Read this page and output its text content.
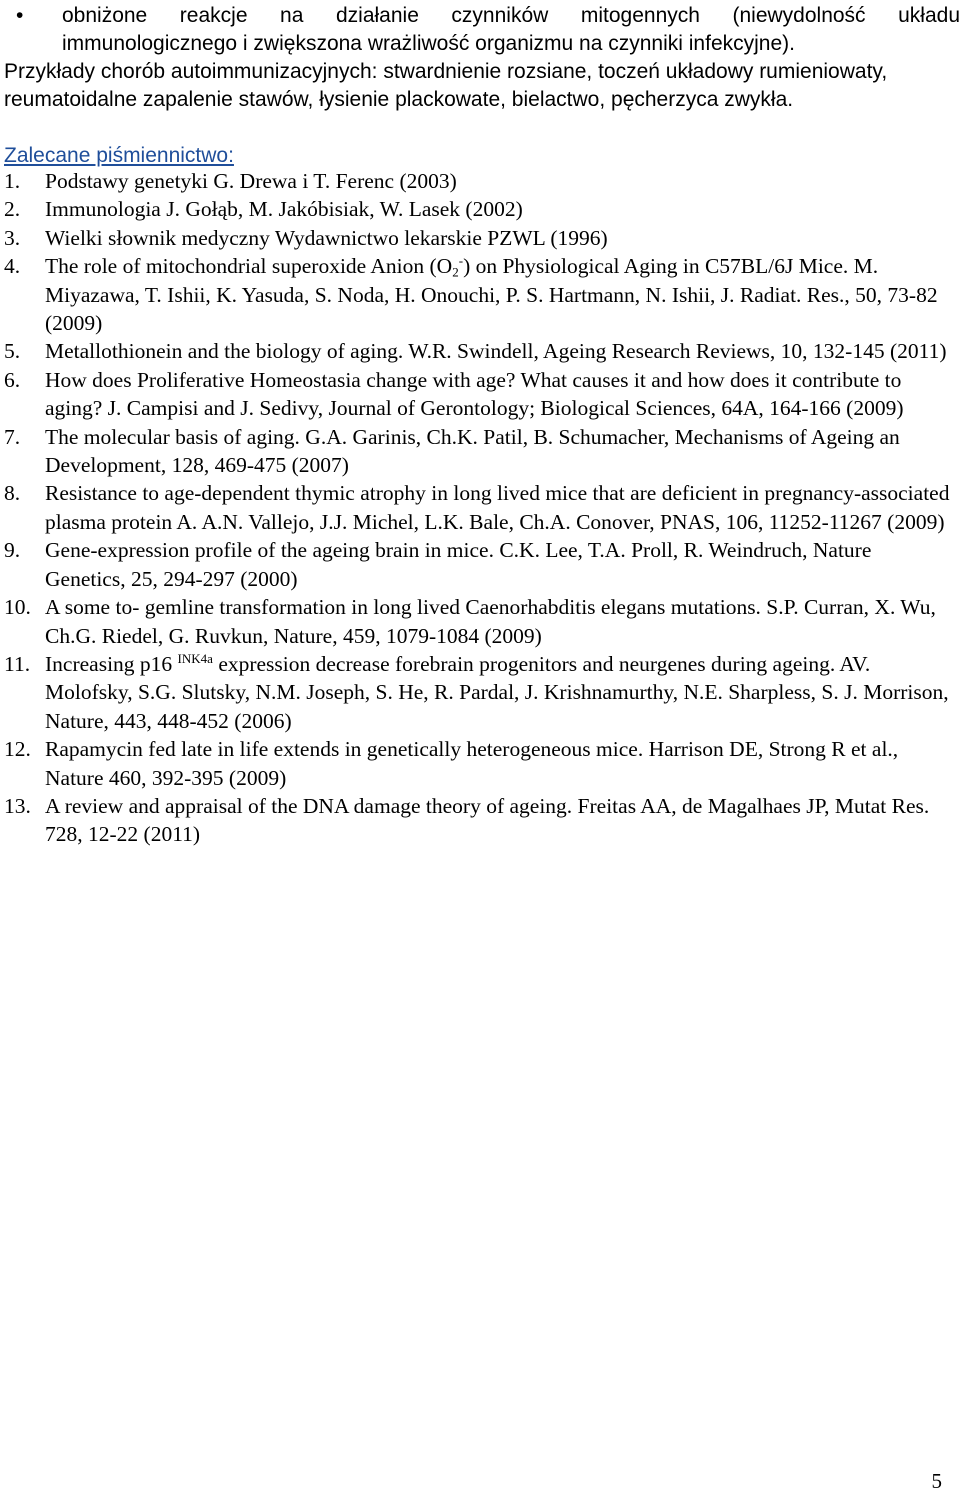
•	obniżone reakcje na działanie czynników mitogennych (niewydolność układu
immunologicznego i zwiększona wrażliwość organizmu na czynniki infekcyjne).
Przykłady chorób autoimmunizacyjnych: stwardnienie rozsiane, toczeń układowy rumieniowaty,
reumatoidalne zapalenie stawów, łysienie plackowate, bielactwo, pęcherzyca zwykła.
Zalecane piśmiennictwo:
1. Podstawy genetyki G. Drewa i T. Ferenc (2003)
2. Immunologia J. Gołąb, M. Jakóbisiak, W. Lasek (2002)
3. Wielki słownik medyczny Wydawnictwo lekarskie PZWL (1996)
4. The role of mitochondrial superoxide Anion $(O_2^-)$ on Physiological Aging in C57BL/6J Mice. M. Miyazawa, T. Ishii, K. Yasuda, S. Noda, H. Onouchi, P. S. Hartmann, N. Ishii, J. Radiat. Res., 50, 73-82 (2009)
5. Metallothionein and the biology of aging. W.R. Swindell, Ageing Research Reviews, 10, 132-145 (2011)
6. How does Proliferative Homeostasia change with age? What causes it and how does it contribute to aging? J. Campisi and J. Sedivy, Journal of Gerontology; Biological Sciences, 64A, 164-166 (2009)
7. The molecular basis of aging. G.A. Garinis, Ch.K. Patil, B. Schumacher, Mechanisms of Ageing an Development, 128, 469-475 (2007)
8. Resistance to age-dependent thymic atrophy in long lived mice that are deficient in pregnancy-associated plasma protein A. A.N. Vallejo, J.J. Michel, L.K. Bale, Ch.A. Conover, PNAS, 106, 11252-11267 (2009)
9. Gene-expression profile of the ageing brain in mice. C.K. Lee, T.A. Proll, R. Weindruch, Nature Genetics, 25, 294-297 (2000)
10. A some to- gemline transformation in long lived Caenorhabditis elegans mutations. S.P. Curran, X. Wu, Ch.G. Riedel, G. Ruvkun, Nature, 459, 1079-1084 (2009)
11. Increasing p16 $^{INK4a}$ expression decrease forebrain progenitors and neurgenes during ageing. AV. Molofsky, S.G. Slutsky, N.M. Joseph, S. He, R. Pardal, J. Krishnamurthy, N.E. Sharpless, S. J. Morrison, Nature, 443, 448-452 (2006)
12. Rapamycin fed late in life extends in genetically heterogeneous mice. Harrison DE, Strong R et al., Nature 460, 392-395 (2009)
13. A review and appraisal of the DNA damage theory of ageing. Freitas AA, de Magalhaes JP, Mutat Res. 728, 12-22 (2011)
5
